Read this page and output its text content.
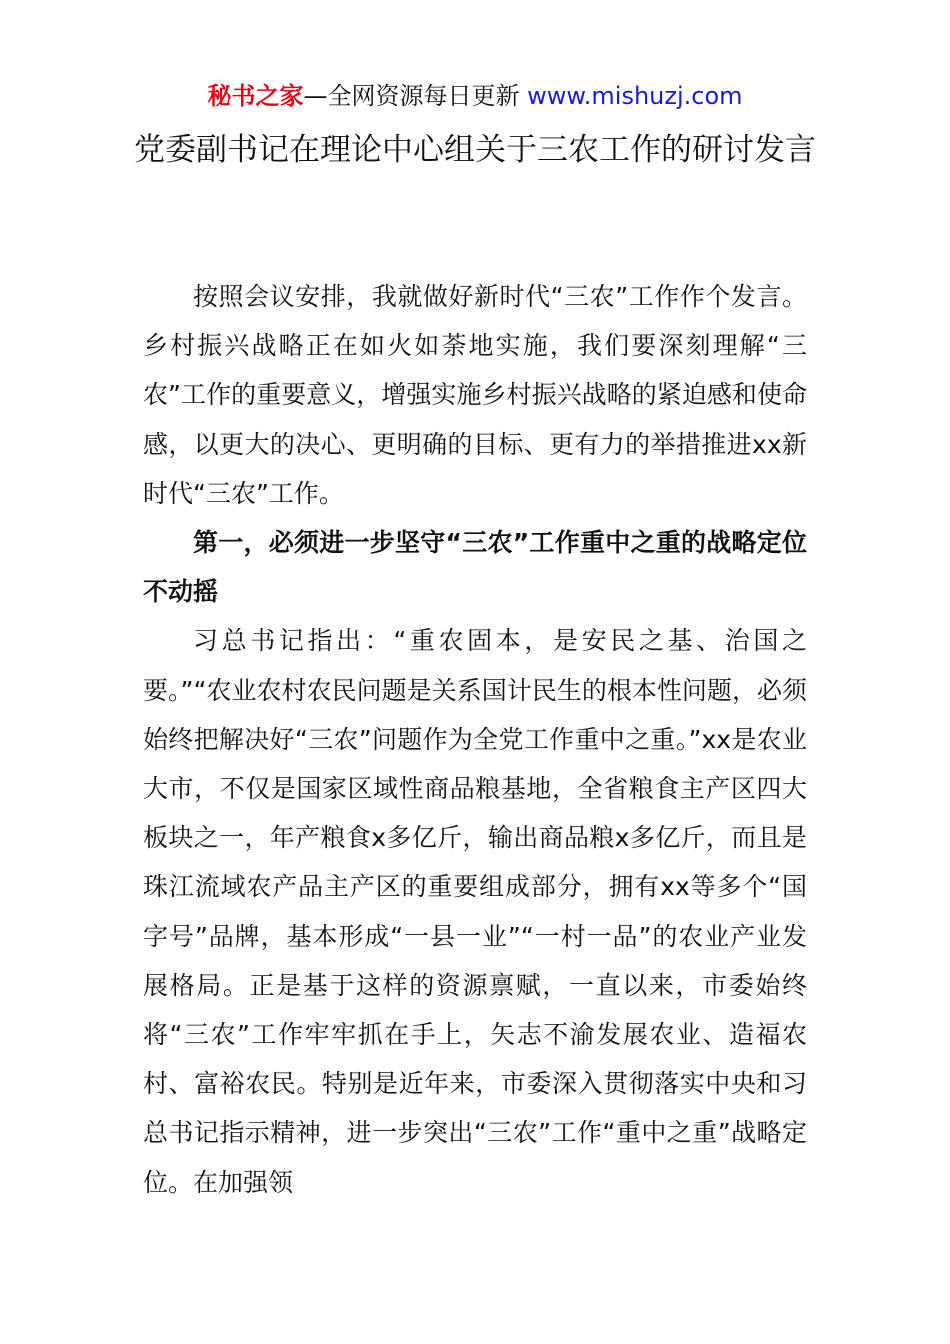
秘书之家—全网资源每日更新 www.mishuzj.com
党委副书记在理论中心组关于三农工作的研讨发言

按照会议安排，我就做好新时代“三农”工作作个发言。乡村振兴战略正在如火如荼地实施，我们要深刻理解“三农”工作的重要意义，增强实施乡村振兴战略的紧迫感和使命感，以更大的决心、更明确的目标、更有力的举措推进xx新时代“三农”工作。

第一，必须进一步坚守“三农”工作重中之重的战略定位不动摇

习总书记指出：“重农固本，是安民之基、治国之要。”“农业农村农民问题是关系国计民生的根本性问题，必须始终把解决好“三农”问题作为全党工作重中之重。”xx是农业大市，不仅是国家区域性商品粮基地，全省粮食主产区四大板块之一，年产粮食x多亿斤，输出商品粮x多亿斤，而且是珠江流域农产品主产区的重要组成部分，拥有xx等多个“国字号”品牌，基本形成“一县一业”“一村一品”的农业产业发展格局。正是基于这样的资源禀赋，一直以来，市委始终将“三农”工作牢牢抓在手上，矢志不渝发展农业、造福农村、富裕农民。特别是近年来，市委深入贯彻落实中央和习总书记指示精神，进一步突出“三农”工作“重中之重”战略定位。在加强领
